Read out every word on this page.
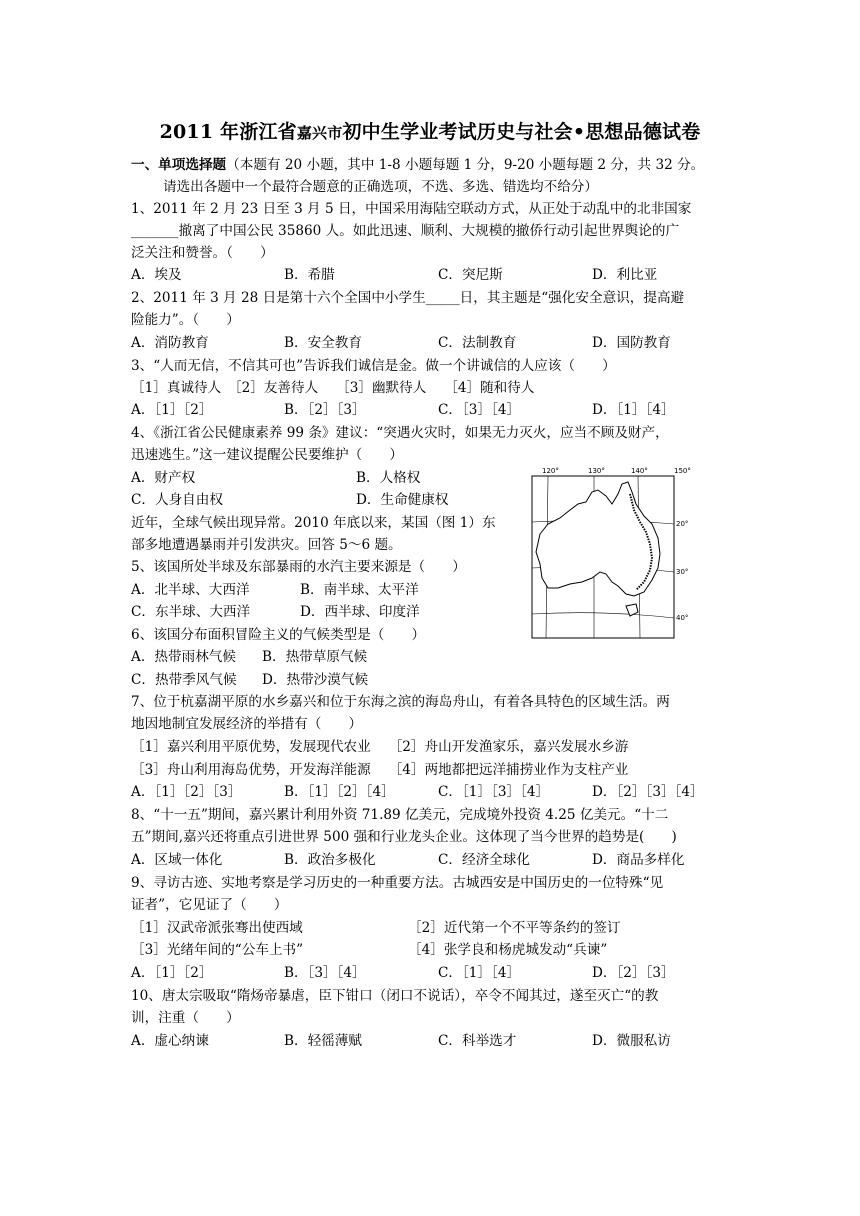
2011 年浙江省嘉兴市初中生学业考试历史与社会•思想品德试卷
一、单项选择题（本题有 20 小题，其中 1-8 小题每题 1 分，9-20 小题每题 2 分，共 32 分。
请选出各题中一个最符合题意的正确选项，不选、多选、错选均不给分）
1、2011 年 2 月 23 日至 3 月 5 日，中国采用海陆空联动方式，从正处于动乱中的北非国家
_______撤离了中国公民 35860 人。如此迅速、顺利、大规模的撤侨行动引起世界舆论的广
泛关注和赞誉。（　　）
A．埃及	B．希腊	C．突尼斯	D．利比亚
2、2011 年 3 月 28 日是第十六个全国中小学生_____日，其主题是“强化安全意识，提高避
险能力”。（　　）
A．消防教育	B．安全教育	C．法制教育	D．国防教育
3、“人而无信，不信其可也”告诉我们诚信是金。做一个讲诚信的人应该（　　）
［1］真诚待人　［2］友善待人　 ［3］幽默待人　 ［4］随和待人
A．［1］［2］	B．［2］［3］	C．［3］［4］	D．［1］［4］
4、《浙江省公民健康素养 99 条》建议：“突遇火灾时，如果无力灭火，应当不顾及财产，
迅速逃生。”这一建议提醒公民要维护（　　）
A．财产权	B．人格权
C．人身自由权	D．生命健康权
近年，全球气候出现异常。2010 年底以来，某国（图 1）东
部多地遭遇暴雨并引发洪灾。回答 5～6 题。
5、该国所处半球及东部暴雨的水汽主要来源是（　　）
A．北半球、大西洋	B．南半球、太平洋
C．东半球、大西洋	D．西半球、印度洋
6、该国分布面积冒险主义的气候类型是（　　）
A．热带雨林气候 B．热带草原气候
C．热带季风气候 D．热带沙漠气候
120°	130°	140°	150°
20°
30°
40°
7、位于杭嘉湖平原的水乡嘉兴和位于东海之滨的海岛舟山，有着各具特色的区域生活。两
地因地制宜发展经济的举措有（　　）
［1］嘉兴利用平原优势，发展现代农业　 ［2］舟山开发渔家乐，嘉兴发展水乡游
［3］舟山利用海岛优势，开发海洋能源　 ［4］两地都把远洋捕捞业作为支柱产业
A．［1］［2］［3］	B．［1］［2］［4］	C．［1］［3］［4］	D．［2］［3］［4］
8、“十一五”期间，嘉兴累计利用外资 71.89 亿美元，完成境外投资 4.25 亿美元。“十二
五”期间,嘉兴还将重点引进世界 500 强和行业龙头企业。这体现了当今世界的趋势是(　　)
A．区域一体化	B．政治多极化	C．经济全球化	D．商品多样化
9、寻访古迹、实地考察是学习历史的一种重要方法。古城西安是中国历史的一位特殊“见
证者”，它见证了（　　）
［1］汉武帝派张骞出使西域	［2］近代第一个不平等条约的签订
［3］光绪年间的“公车上书”	［4］张学良和杨虎城发动“兵谏”
A．［1］［2］	B．［3］［4］	C．［1］［4］	D．［2］［3］
10、唐太宗吸取“隋炀帝暴虐，臣下钳口（闭口不说话），卒令不闻其过，遂至灭亡“的教
训，注重（　　）
A．虚心纳谏	B．轻徭薄赋	C．科举选才	D．微服私访
